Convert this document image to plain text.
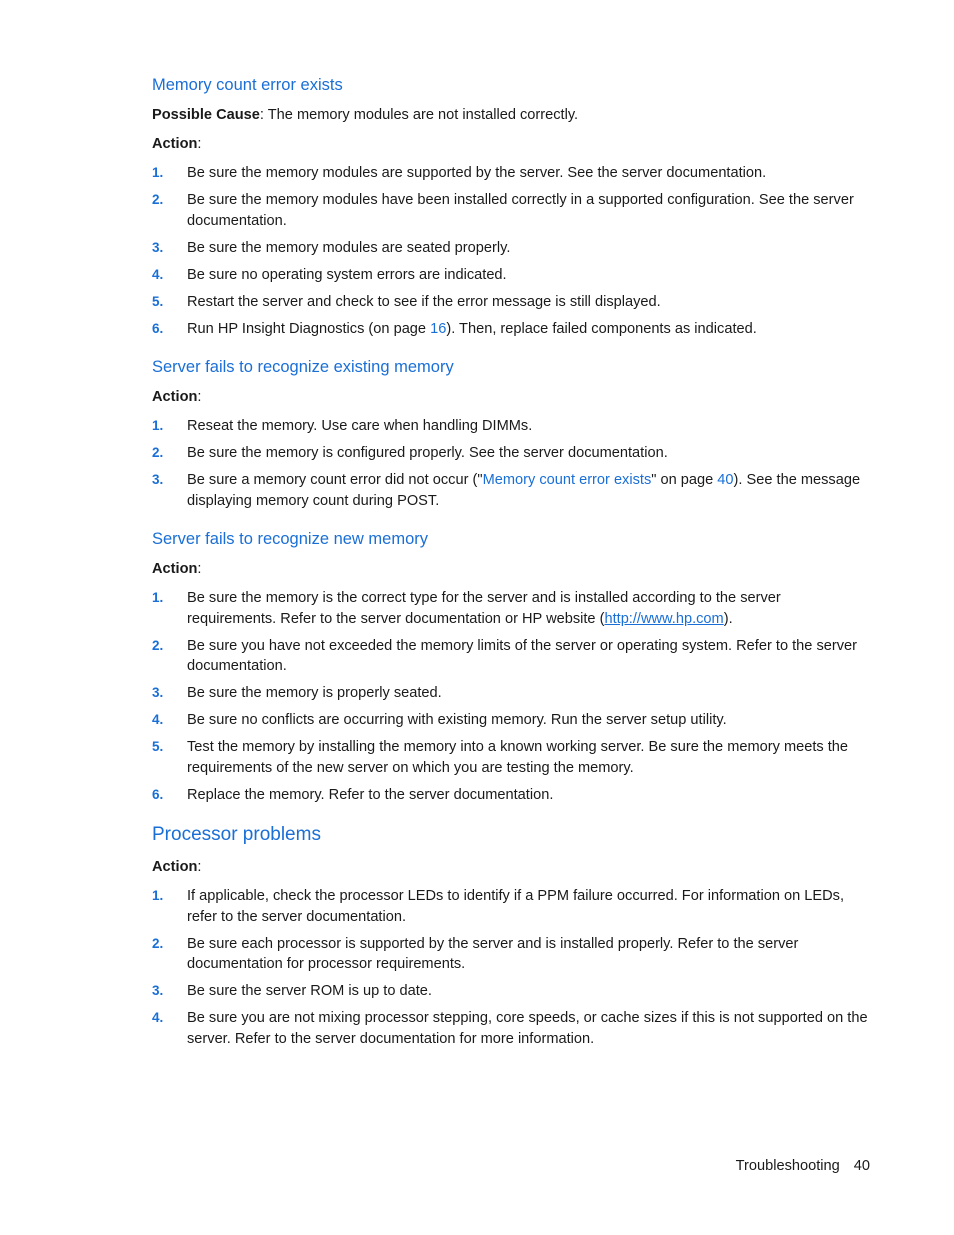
Memory count error exists

Possible Cause: The memory modules are not installed correctly.

Action:

1. Be sure the memory modules are supported by the server. See the server documentation.
2. Be sure the memory modules have been installed correctly in a supported configuration. See the server documentation.
3. Be sure the memory modules are seated properly.
4. Be sure no operating system errors are indicated.
5. Restart the server and check to see if the error message is still displayed.
6. Run HP Insight Diagnostics (on page 16). Then, replace failed components as indicated.
Server fails to recognize existing memory

Action:

1. Reseat the memory. Use care when handling DIMMs.
2. Be sure the memory is configured properly. See the server documentation.
3. Be sure a memory count error did not occur ("Memory count error exists" on page 40). See the message displaying memory count during POST.
Server fails to recognize new memory

Action:

1. Be sure the memory is the correct type for the server and is installed according to the server requirements. Refer to the server documentation or HP website (http://www.hp.com).
2. Be sure you have not exceeded the memory limits of the server or operating system. Refer to the server documentation.
3. Be sure the memory is properly seated.
4. Be sure no conflicts are occurring with existing memory. Run the server setup utility.
5. Test the memory by installing the memory into a known working server. Be sure the memory meets the requirements of the new server on which you are testing the memory.
6. Replace the memory. Refer to the server documentation.
Processor problems

Action:

1. If applicable, check the processor LEDs to identify if a PPM failure occurred. For information on LEDs, refer to the server documentation.
2. Be sure each processor is supported by the server and is installed properly. Refer to the server documentation for processor requirements.
3. Be sure the server ROM is up to date.
4. Be sure you are not mixing processor stepping, core speeds, or cache sizes if this is not supported on the server. Refer to the server documentation for more information.
Troubleshooting 40
